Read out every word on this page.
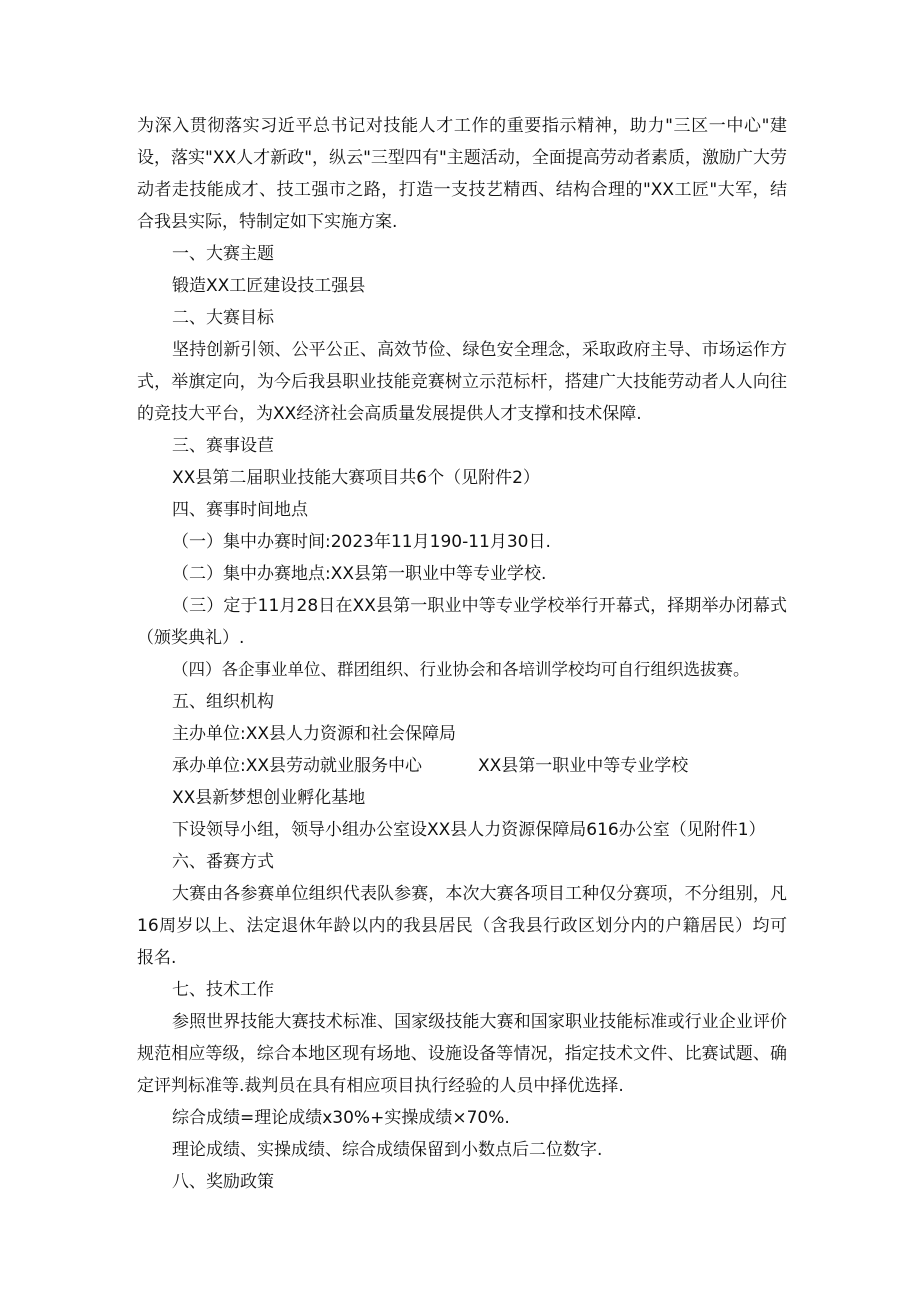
为深入贯彻落实习近平总书记对技能人才工作的重要指示精神，助力"三区一中心"建设，落实"XX人才新政"，纵云"三型四有"主题活动，全面提高劳动者素质，激励广大劳动者走技能成才、技工强市之路，打造一支技艺精西、结构合理的"XX工匠"大军，结合我县实际，特制定如下实施方案.

一、大赛主题

锻造XX工匠建设技工强县

二、大赛目标

坚持创新引领、公平公正、高效节俭、绿色安全理念，采取政府主导、市场运作方式，举旗定向，为今后我县职业技能竞赛树立示范标杆，搭建广大技能劳动者人人向往的竞技大平台，为XX经济社会高质量发展提供人才支撑和技术保障.

三、赛事设苣

XX县第二届职业技能大赛项目共6个（见附件2）

四、赛事时间地点

（一）集中办赛时间:2023年11月190-11月30日.

（二）集中办赛地点:XX县第一职业中等专业学校.

（三）定于11月28日在XX县第一职业中等专业学校举行开幕式，择期举办闭幕式（颁奖典礼）.

（四）各企事业单位、群团组织、行业协会和各培训学校均可自行组织选拔赛。

五、组织机构

主办单位:XX县人力资源和社会保障局

承办单位:XX县劳动就业服务中心	XX县第一职业中等专业学校

XX县新梦想创业孵化基地

下设领导小组，领导小组办公室设XX县人力资源保障局616办公室（见附件1）

六、番赛方式

大赛由各参赛单位组织代表队参赛，本次大赛各项目工种仅分赛项，不分组别，凡16周岁以上、法定退休年龄以内的我县居民（含我县行政区划分内的户籍居民）均可报名.

七、技术工作

参照世界技能大赛技术标准、国家级技能大赛和国家职业技能标准或行业企业评价规范相应等级，综合本地区现有场地、设施设备等情况，指定技术文件、比赛试题、确定评判标准等.裁判员在具有相应项目执行经验的人员中择优选择.

综合成绩=理论成绩x30%+实操成绩×70%.

理论成绩、实操成绩、综合成绩保留到小数点后二位数字.

八、奖励政策
